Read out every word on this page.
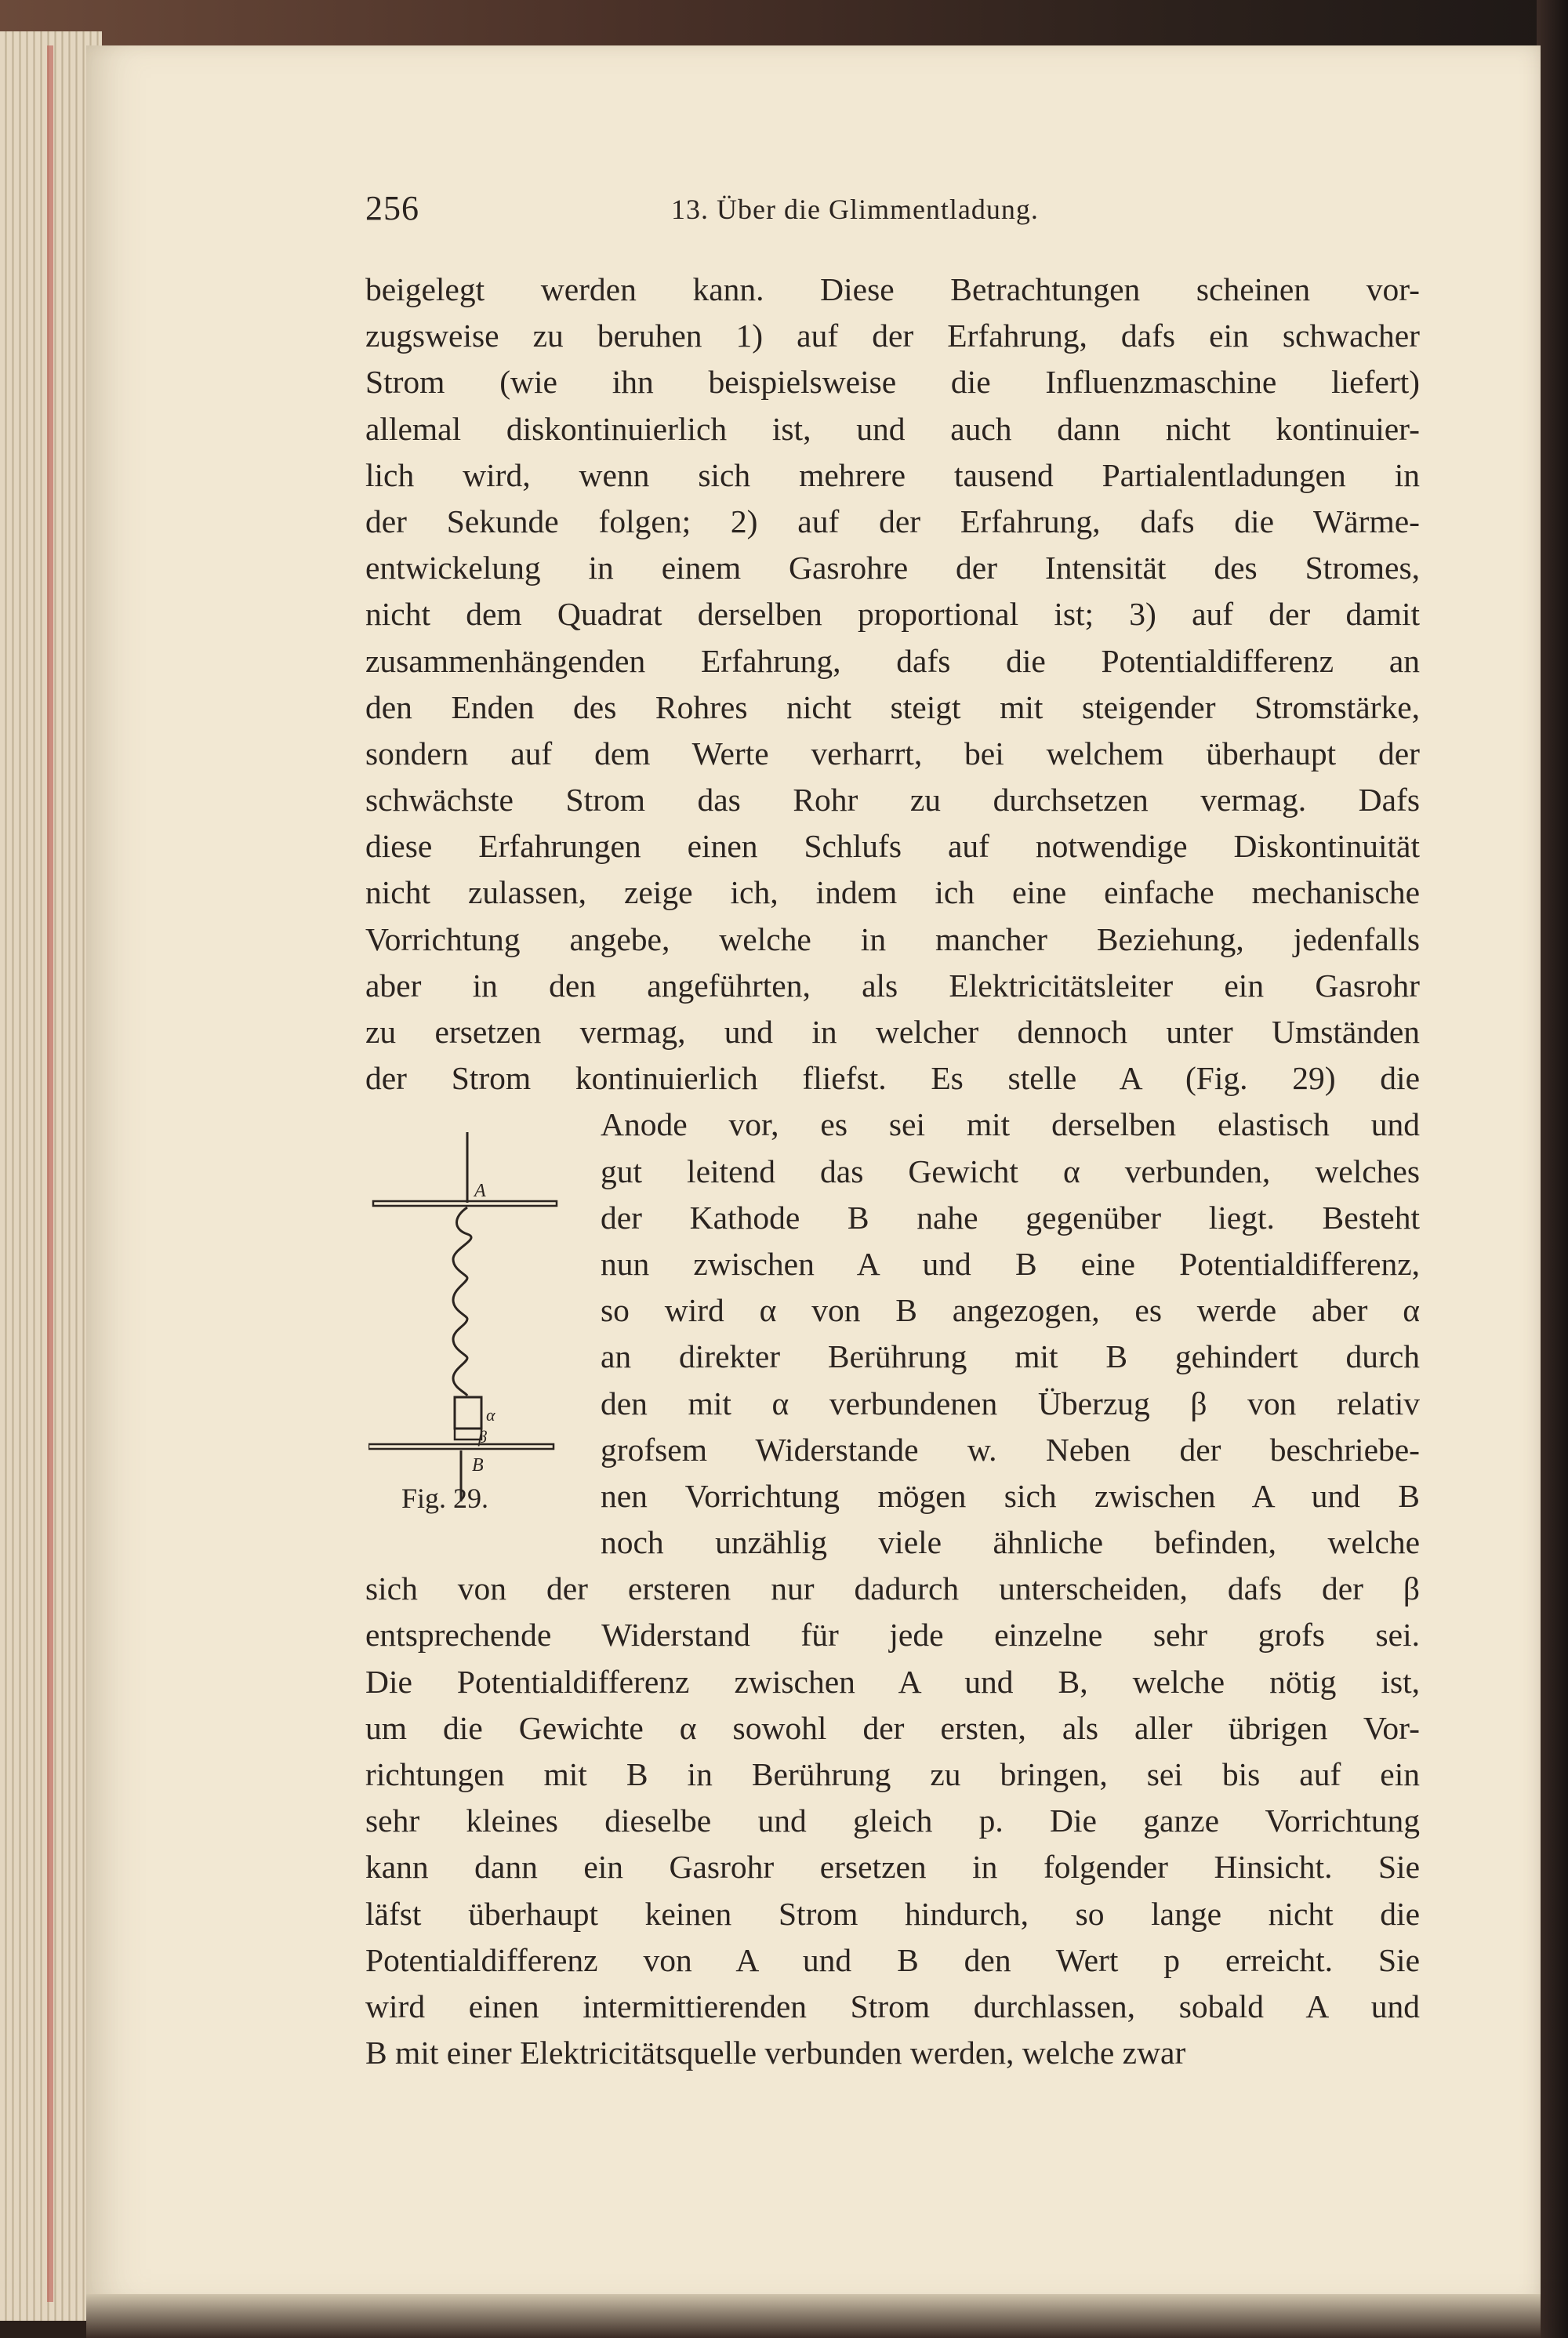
256	13. Über die Glimmentladung.
beigelegt werden kann. Diese Betrachtungen scheinen vor-
zugsweise zu beruhen 1) auf der Erfahrung, dafs ein schwacher
Strom (wie ihn beispielsweise die Influenzmaschine liefert)
allemal diskontinuierlich ist, und auch dann nicht kontinuier-
lich wird, wenn sich mehrere tausend Partialentladungen in
der Sekunde folgen; 2) auf der Erfahrung, dafs die Wärme-
entwickelung in einem Gasrohre der Intensität des Stromes,
nicht dem Quadrat derselben proportional ist; 3) auf der damit
zusammenhängenden Erfahrung, dafs die Potentialdifferenz an
den Enden des Rohres nicht steigt mit steigender Stromstärke,
sondern auf dem Werte verharrt, bei welchem überhaupt der
schwächste Strom das Rohr zu durchsetzen vermag. Dafs
diese Erfahrungen einen Schlufs auf notwendige Diskontinuität
nicht zulassen, zeige ich, indem ich eine einfache mechanische
Vorrichtung angebe, welche in mancher Beziehung, jedenfalls
aber in den angeführten, als Elektricitätsleiter ein Gasrohr
zu ersetzen vermag, und in welcher dennoch unter Umständen
der Strom kontinuierlich fliefst. Es stelle A (Fig. 29) die
Anode vor, es sei mit derselben elastisch und
gut leitend das Gewicht α verbunden, welches
der Kathode B nahe gegenüber liegt. Besteht
nun zwischen A und B eine Potentialdifferenz,
so wird α von B angezogen, es werde aber α
an direkter Berührung mit B gehindert durch
den mit α verbundenen Überzug β von relativ
grofsem Widerstande w. Neben der beschriebe-
nen Vorrichtung mögen sich zwischen A und B
noch unzählig viele ähnliche befinden, welche
sich von der ersteren nur dadurch unterscheiden, dafs der β
entsprechende Widerstand für jede einzelne sehr grofs sei.
Die Potentialdifferenz zwischen A und B, welche nötig ist,
um die Gewichte α sowohl der ersten, als aller übrigen Vor-
richtungen mit B in Berührung zu bringen, sei bis auf ein
sehr kleines dieselbe und gleich p. Die ganze Vorrichtung
kann dann ein Gasrohr ersetzen in folgender Hinsicht. Sie
läfst überhaupt keinen Strom hindurch, so lange nicht die
Potentialdifferenz von A und B den Wert p erreicht. Sie
wird einen intermittierenden Strom durchlassen, sobald A und
B mit einer Elektricitätsquelle verbunden werden, welche zwar
A
α
β
B
Fig. 29.
